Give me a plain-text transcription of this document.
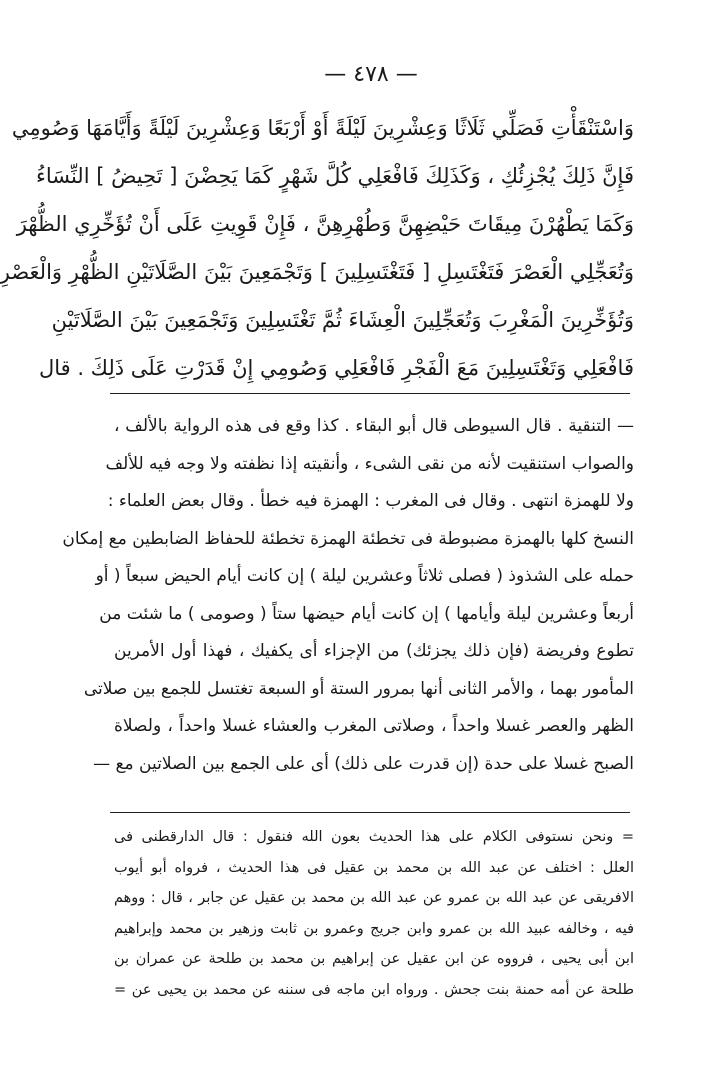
— ٤٧٨ —
وَاسْتَنْقَأْتِ فَصَلِّي ثَلَاثًا وَعِشْرِينَ لَيْلَةً أَوْ أَرْبَعًا وَعِشْرِينَ لَيْلَةً وَأَيَّامَهَا وَصُومِي
فَإِنَّ ذَلِكَ يُجْزِئُكِ ، وَكَذَلِكَ فَافْعَلِي كُلَّ شَهْرٍ كَمَا يَحِضْنَ [ تَحِيضُ ] النِّسَاءُ
وَكَمَا يَطْهُرْنَ مِيقَاتَ حَيْضِهِنَّ وَطُهْرِهِنَّ ، فَإِنْ قَوِيتِ عَلَى أَنْ تُؤَخِّرِي الظُّهْرَ
وَتُعَجِّلِي الْعَصْرَ فَتَغْتَسِلِ [ فَتَغْتَسِلِينَ ] وَتَجْمَعِينَ بَيْنَ الصَّلَاتَيْنِ الظُّهْرِ وَالْعَصْرِ
وَتُؤَخِّرِينَ الْمَغْرِبَ وَتُعَجِّلِينَ الْعِشَاءَ ثُمَّ تَغْتَسِلِينَ وَتَجْمَعِينَ بَيْنَ الصَّلَاتَيْنِ
فَافْعَلِي وَتَغْتَسِلِينَ مَعَ الْفَجْرِ فَافْعَلِي وَصُومِي إِنْ قَدَرْتِ عَلَى ذَلِكَ . قال
— التنقية . قال السيوطى قال أبو البقاء . كذا وقع فى هذه الرواية بالألف ،
والصواب استنقيت لأنه من نقى الشىء ، وأنقيته إذا نظفته ولا وجه فيه للألف
ولا للهمزة انتهى . وقال فى المغرب : الهمزة فيه خطأ . وقال بعض العلماء :
النسخ كلها بالهمزة مضبوطة فى تخطئة الهمزة تخطئة للحفاظ الضابطين مع إمكان
حمله على الشذوذ ( فصلى ثلاثاً وعشرين ليلة ) إن كانت أيام الحيض سبعاً ( أو
أربعاً وعشرين ليلة وأيامها ) إن كانت أيام حيضها ستاً ( وصومى ) ما شئت من
تطوع وفريضة (فإن ذلك يجزئك) من الإجزاء أى يكفيك ، فهذا أول الأمرين
المأمور بهما ، والأمر الثانى أنها بمرور الستة أو السبعة تغتسل للجمع بين صلاتى
الظهر والعصر غسلا واحداً ، وصلاتى المغرب والعشاء غسلا واحداً ، ولصلاة
الصبح غسلا على حدة (إن قدرت على ذلك) أى على الجمع بين الصلاتين مع —
= ونحن نستوفى الكلام على هذا الحديث بعون الله فنقول : قال الدارقطنى فى
العلل : اختلف عن عبد الله بن محمد بن عقيل فى هذا الحديث ، فرواه أبو أيوب
الافريقى عن عبد الله بن عمرو عن عبد الله بن محمد بن عقيل عن جابر ، قال : ووهم
فيه ، وخالفه عبيد الله بن عمرو وابن جريج وعمرو بن ثابت وزهير بن محمد وإبراهيم
ابن أبى يحيى ، فرووه عن ابن عقيل عن إبراهيم بن محمد بن طلحة عن عمران بن
طلحة عن أمه حمنة بنت جحش . ورواه ابن ماجه فى سننه عن محمد بن يحيى عن =
